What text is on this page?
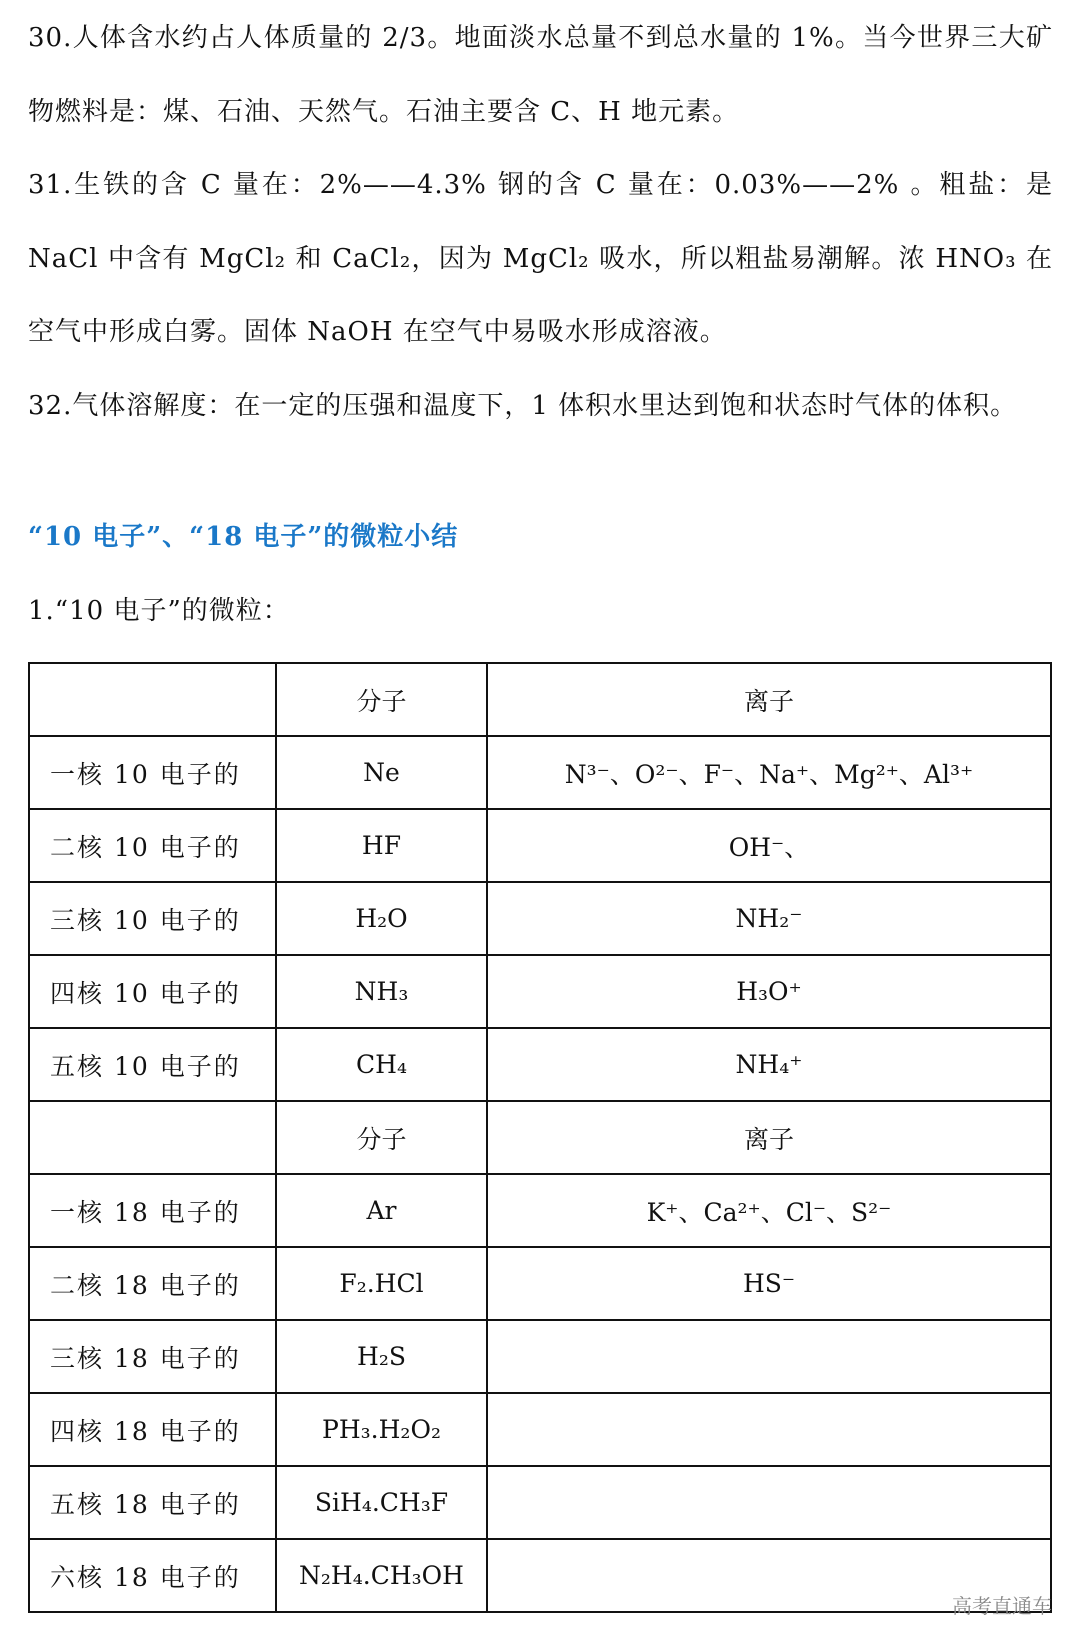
30.人体含水约占人体质量的 2/3。地面淡水总量不到总水量的 1%。当今世界三大矿物燃料是：煤、石油、天然气。石油主要含 C、H 地元素。
31.生铁的含 C 量在：2%——4.3% 钢的含 C 量在：0.03%——2% 。粗盐：是 NaCl 中含有 MgCl₂ 和 CaCl₂，因为 MgCl₂ 吸水，所以粗盐易潮解。浓 HNO₃ 在空气中形成白雾。固体 NaOH 在空气中易吸水形成溶液。
32.气体溶解度：在一定的压强和温度下，1 体积水里达到饱和状态时气体的体积。
“10 电子”、“18 电子”的微粒小结
1.“10 电子”的微粒：
	分子	离子
一核 10 电子的	Ne	N³⁻、O²⁻、F⁻、Na⁺、Mg²⁺、Al³⁺
二核 10 电子的	HF	OH⁻、
三核 10 电子的	H₂O	NH₂⁻
四核 10 电子的	NH₃	H₃O⁺
五核 10 电子的	CH₄	NH₄⁺
	分子	离子
一核 18 电子的	Ar	K⁺、Ca²⁺、Cl⁻、S²⁻
二核 18 电子的	F₂.HCl	HS⁻
三核 18 电子的	H₂S	
四核 18 电子的	PH₃.H₂O₂	
五核 18 电子的	SiH₄.CH₃F	
六核 18 电子的	N₂H₄.CH₃OH	
高考直通车
